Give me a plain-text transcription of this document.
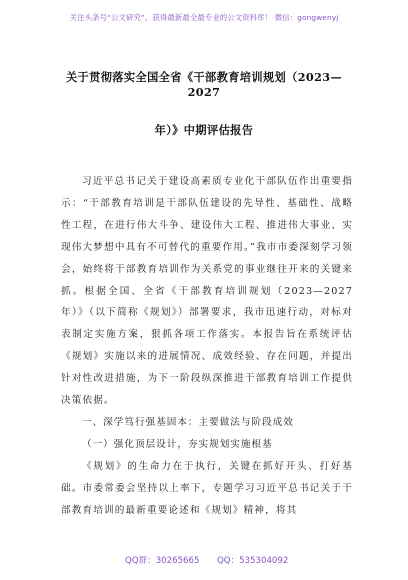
关注头条号“公文研究”，获得最新最全最专业的公文资料库！ 微信：gongwenyj
关于贯彻落实全国全省《干部教育培训规划（2023—2027
年）》中期评估报告

习近平总书记关于建设高素质专业化干部队伍作出重要指示：“干部教育培训是干部队伍建设的先导性、基础性、战略性工程，在进行伟大斗争、建设伟大工程、推进伟大事业、实现伟大梦想中具有不可替代的重要作用。”我市市委深刻学习领会，始终将干部教育培训作为关系党的事业继往开来的关键来抓。根据全国、全省《干部教育培训规划（2023—2027年）》（以下简称《规划》）部署要求，我市迅速行动，对标对表制定实施方案，狠抓各项工作落实。本报告旨在系统评估《规划》实施以来的进展情况、成效经验、存在问题，并提出针对性改进措施，为下一阶段纵深推进干部教育培训工作提供决策依据。

一、深学笃行强基固本：主要做法与阶段成效

（一）强化顶层设计，夯实规划实施根基

《规划》的生命力在于执行，关键在抓好开头、打好基础。市委常委会坚持以上率下，专题学习习近平总书记关于干部教育培训的最新重要论述和《规划》精神，将其

QQ群：30265665 QQ：535304092
